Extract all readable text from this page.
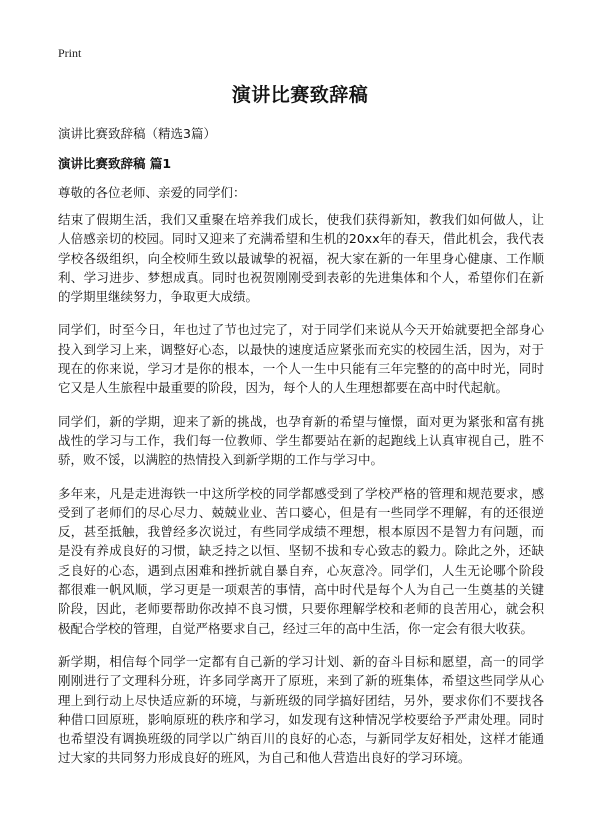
Print
演讲比赛致辞稿
演讲比赛致辞稿（精选3篇）
演讲比赛致辞稿 篇1
尊敬的各位老师、亲爱的同学们：

结束了假期生活，我们又重聚在培养我们成长，使我们获得新知，教我们如何做人，让人倍感亲切的校园。同时又迎来了充满希望和生机的20xx年的春天，借此机会，我代表学校各级组织，向全校师生致以最诚挚的祝福，祝大家在新的一年里身心健康、工作顺利、学习进步、梦想成真。同时也祝贺刚刚受到表彰的先进集体和个人，希望你们在新的学期里继续努力，争取更大成绩。

同学们，时至今日，年也过了节也过完了，对于同学们来说从今天开始就要把全部身心投入到学习上来，调整好心态，以最快的速度适应紧张而充实的校园生活，因为，对于现在的你来说，学习才是你的根本，一个人一生中只能有三年完整的的高中时光，同时它又是人生旅程中最重要的阶段，因为，每个人的人生理想都要在高中时代起航。

同学们，新的学期，迎来了新的挑战，也孕育新的希望与憧憬，面对更为紧张和富有挑战性的学习与工作，我们每一位教师、学生都要站在新的起跑线上认真审视自己，胜不骄，败不馁，以满腔的热情投入到新学期的工作与学习中。

多年来，凡是走进海铁一中这所学校的同学都感受到了学校严格的管理和规范要求，感受到了老师们的尽心尽力、兢兢业业、苦口婆心，但是有一些同学不理解，有的还很逆反，甚至抵触，我曾经多次说过，有些同学成绩不理想，根本原因不是智力有问题，而是没有养成良好的习惯，缺乏持之以恒、坚韧不拔和专心致志的毅力。除此之外，还缺乏良好的心态，遇到点困难和挫折就自暴自弃，心灰意冷。同学们，人生无论哪个阶段都很难一帆风顺，学习更是一项艰苦的事情，高中时代是每个人为自己一生奠基的关键阶段，因此，老师要帮助你改掉不良习惯，只要你理解学校和老师的良苦用心，就会积极配合学校的管理，自觉严格要求自己，经过三年的高中生活，你一定会有很大收获。

新学期，相信每个同学一定都有自己新的学习计划、新的奋斗目标和愿望，高一的同学刚刚进行了文理科分班，许多同学离开了原班，来到了新的班集体，希望这些同学从心理上到行动上尽快适应新的环境，与新班级的同学搞好团结，另外，要求你们不要找各种借口回原班，影响原班的秩序和学习，如发现有这种情况学校要给予严肃处理。同时也希望没有调换班级的同学以广纳百川的良好的心态，与新同学友好相处，这样才能通过大家的共同努力形成良好的班风，为自己和他人营造出良好的学习环境。
